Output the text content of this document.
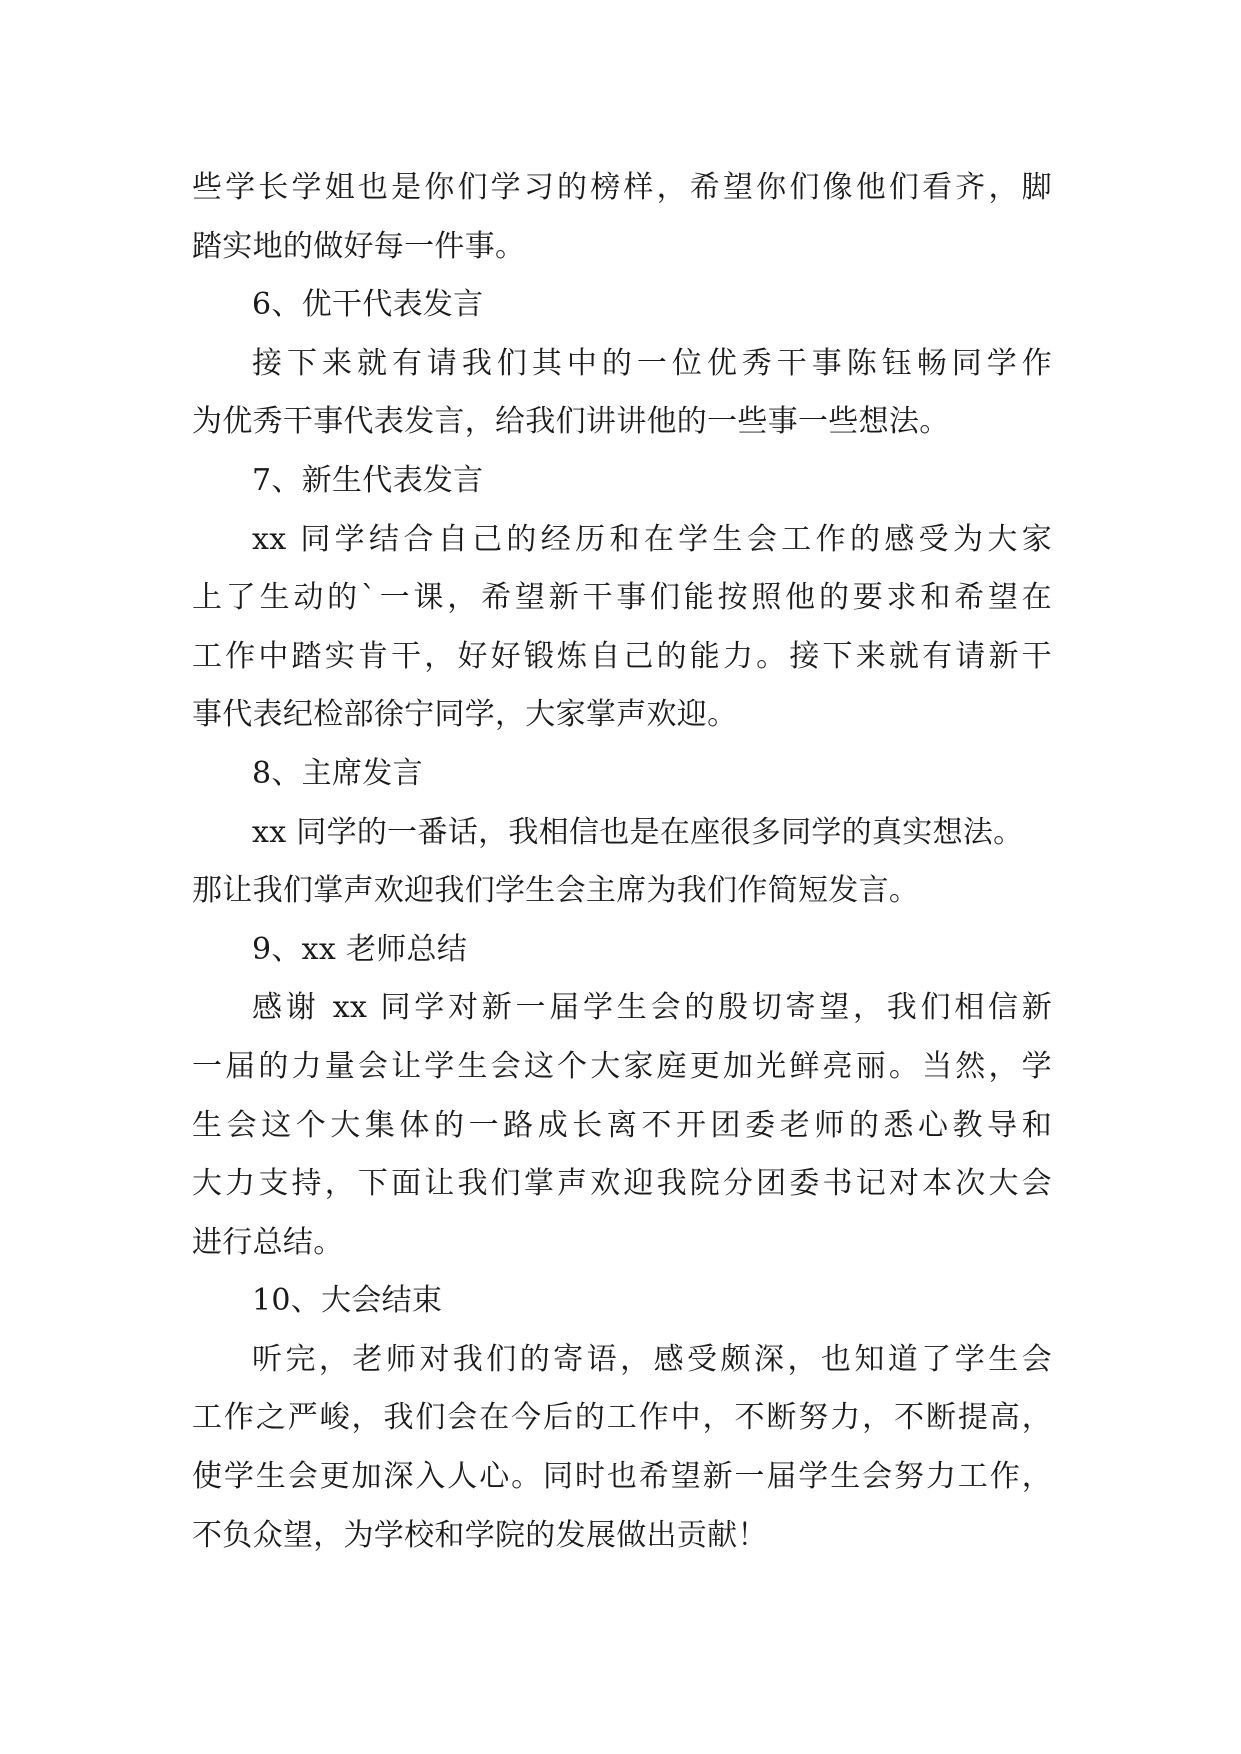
些学长学姐也是你们学习的榜样，希望你们像他们看齐，脚
踏实地的做好每一件事。
6、优干代表发言
接下来就有请我们其中的一位优秀干事陈钰畅同学作
为优秀干事代表发言，给我们讲讲他的一些事一些想法。
7、新生代表发言
xx 同学结合自己的经历和在学生会工作的感受为大家
上了生动的`一课，希望新干事们能按照他的要求和希望在
工作中踏实肯干，好好锻炼自己的能力。接下来就有请新干
事代表纪检部徐宁同学，大家掌声欢迎。
8、主席发言
xx 同学的一番话，我相信也是在座很多同学的真实想法。
那让我们掌声欢迎我们学生会主席为我们作简短发言。
9、xx 老师总结
感谢 xx 同学对新一届学生会的殷切寄望，我们相信新
一届的力量会让学生会这个大家庭更加光鲜亮丽。当然，学
生会这个大集体的一路成长离不开团委老师的悉心教导和
大力支持，下面让我们掌声欢迎我院分团委书记对本次大会
进行总结。
10、大会结束
听完，老师对我们的寄语，感受颇深，也知道了学生会
工作之严峻，我们会在今后的工作中，不断努力，不断提高，
使学生会更加深入人心。同时也希望新一届学生会努力工作，
不负众望，为学校和学院的发展做出贡献！
